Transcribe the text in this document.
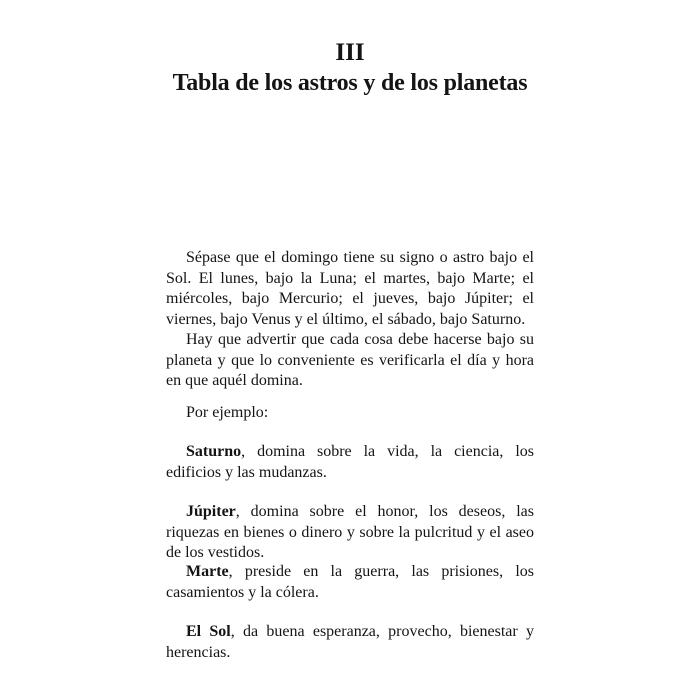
III
Tabla de los astros y de los planetas

Sépase que el domingo tiene su signo o astro bajo el Sol. El lunes, bajo la Luna; el martes, bajo Marte; el miércoles, bajo Mercurio; el jueves, bajo Júpiter; el viernes, bajo Venus y el último, el sábado, bajo Saturno.

Hay que advertir que cada cosa debe hacerse bajo su planeta y que lo conveniente es verificarla el día y hora en que aquél domina.

Por ejemplo:

Saturno, domina sobre la vida, la ciencia, los edificios y las mudanzas.

Júpiter, domina sobre el honor, los deseos, las riquezas en bienes o dinero y sobre la pulcritud y el aseo de los vestidos.

Marte, preside en la guerra, las prisiones, los casamientos y la cólera.

El Sol, da buena esperanza, provecho, bienestar y herencias.
